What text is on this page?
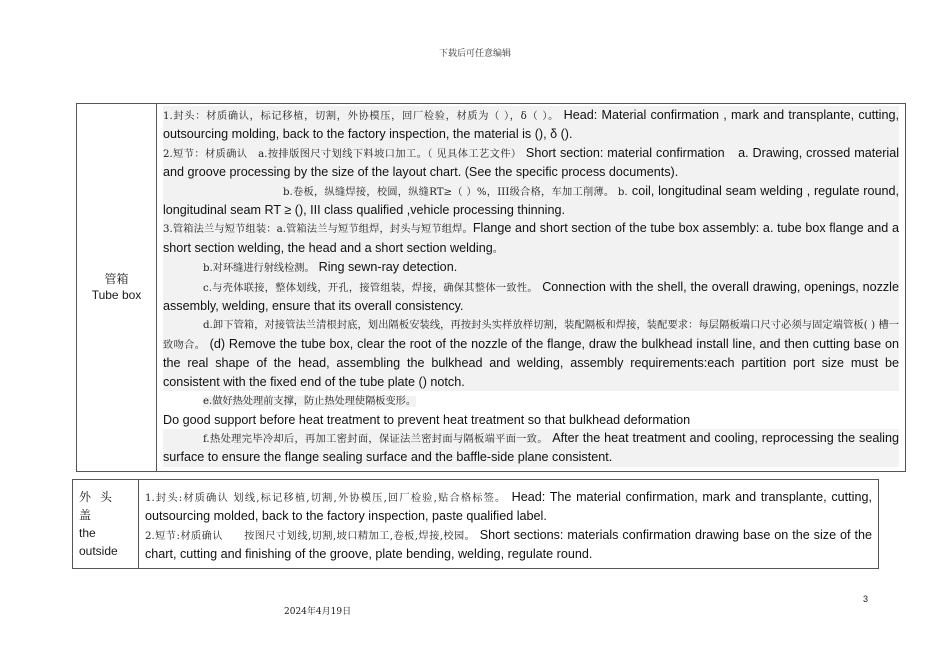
下载后可任意编辑
管箱
Tube box

1.封头：材质确认，标记移植，切割，外协模压，回厂检验，材质为（ ），δ（ ）。 Head: Material confirmation , mark and transplante, cutting, outsourcing molding, back to the factory inspection, the material is (), δ ().

2.短节：材质确认　a.按排版图尺寸划线下料坡口加工。（ 见具体工艺文件） Short section: material confirmation　a. Drawing, crossed material and groove processing by the size of the layout chart. (See the specific process documents).

b.卷板，纵缝焊接，校圆，纵缝RT≥（ ）%，III级合格，车加工削薄。 b. coil, longitudinal seam welding , regulate round, longitudinal seam RT ≥ (), III class qualified ,vehicle processing thinning.

3.管箱法兰与短节组装：a.管箱法兰与短节组焊，封头与短节组焊。Flange and short section of the tube box assembly: a. tube box flange and a short section welding, the head and a short section welding。

b.对环缝进行射线检测。 Ring sewn-ray detection.

c.与壳体联接，整体划线，开孔，接管组装，焊接，确保其整体一致性。 Connection with the shell, the overall drawing, openings, nozzle assembly, welding, ensure that its overall consistency.

d.卸下管箱，对接管法兰清根封底，划出隔板安装线，再按封头实样放样切割，装配隔板和焊接，装配要求：每层隔板端口尺寸必须与固定端管板( ) 槽一致吻合。 (d) Remove the tube box, clear the root of the nozzle of the flange, draw the bulkhead install line, and then cutting base on the real shape of the head, assembling the bulkhead and welding, assembly requirements:each partition port size must be consistent with the fixed end of the tube plate () notch.

e.做好热处理前支撑，防止热处理使隔板变形。

Do good support before heat treatment to prevent heat treatment so that bulkhead deformation

f.热处理完毕冷却后，再加工密封面，保证法兰密封面与隔板端平面一致。 After the heat treatment and cooling, reprocessing the sealing surface to ensure the flange sealing surface and the baffle-side plane consistent.

外头盖
the
outside

1.封头:材质确认 划线,标记移植,切割,外协模压,回厂检验,贴合格标签。 Head: The material confirmation, mark and transplante, cutting, outsourcing molded, back to the factory inspection, paste qualified label.

2.短节:材质确认　　按图尺寸划线,切割,坡口精加工,卷板,焊接,校园。 Short sections: materials confirmation drawing base on the size of the chart, cutting and finishing of the groove, plate bending, welding, regulate round.

3
2024年4月19日
